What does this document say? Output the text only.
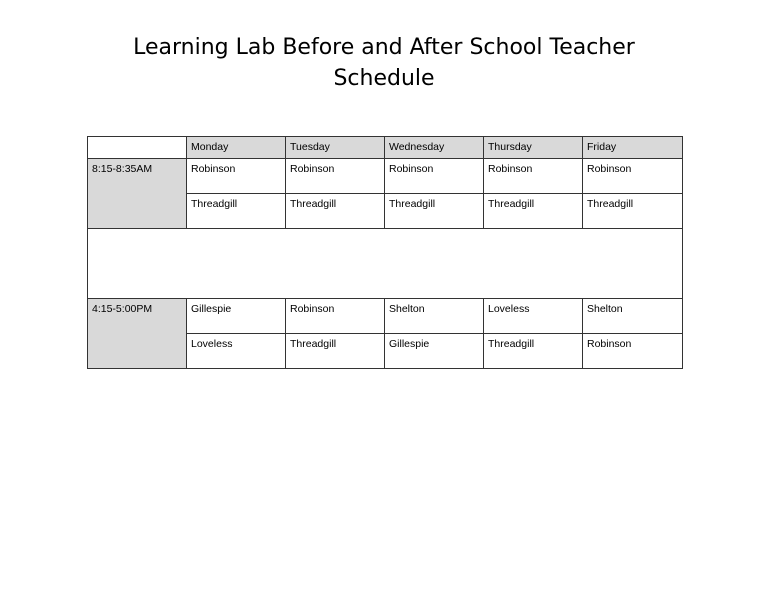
Learning Lab Before and After School Teacher
Schedule
	Monday	Tuesday	Wednesday	Thursday	Friday
8:15-8:35AM	Robinson	Robinson	Robinson	Robinson	Robinson
	Threadgill	Threadgill	Threadgill	Threadgill	Threadgill

4:15-5:00PM	Gillespie	Robinson	Shelton	Loveless	Shelton
	Loveless	Threadgill	Gillespie	Threadgill	Robinson
